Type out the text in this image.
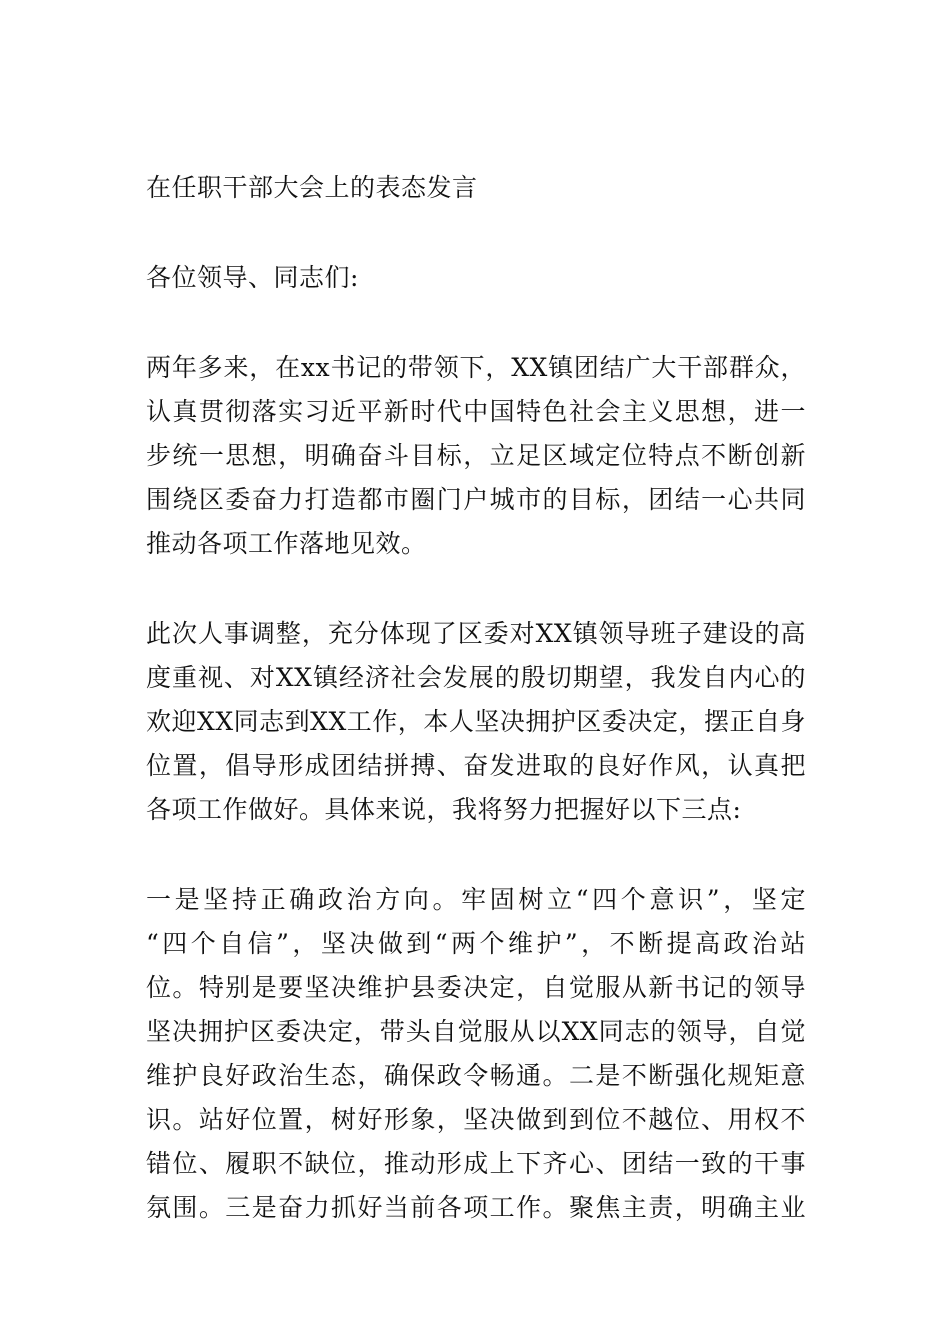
在任职干部大会上的表态发言

各位领导、同志们:

两年多来，在xx书记的带领下，XX镇团结广大干部群众，
认真贯彻落实习近平新时代中国特色社会主义思想，进一
步统一思想，明确奋斗目标，立足区域定位特点不断创新
围绕区委奋力打造都市圈门户城市的目标，团结一心共同
推动各项工作落地见效。
此次人事调整，充分体现了区委对XX镇领导班子建设的高
度重视、对XX镇经济社会发展的殷切期望，我发自内心的
欢迎XX同志到XX工作，本人坚决拥护区委决定，摆正自身
位置，倡导形成团结拼搏、奋发进取的良好作风，认真把
各项工作做好。具体来说，我将努力把握好以下三点:
一是坚持正确政治方向。牢固树立“四个意识”，坚定
“四个自信”，坚决做到“两个维护”，不断提高政治站
位。特别是要坚决维护县委决定，自觉服从新书记的领导
坚决拥护区委决定，带头自觉服从以XX同志的领导，自觉
维护良好政治生态，确保政令畅通。二是不断强化规矩意
识。站好位置，树好形象，坚决做到到位不越位、用权不
错位、履职不缺位，推动形成上下齐心、团结一致的干事
氛围。三是奋力抓好当前各项工作。聚焦主责，明确主业
